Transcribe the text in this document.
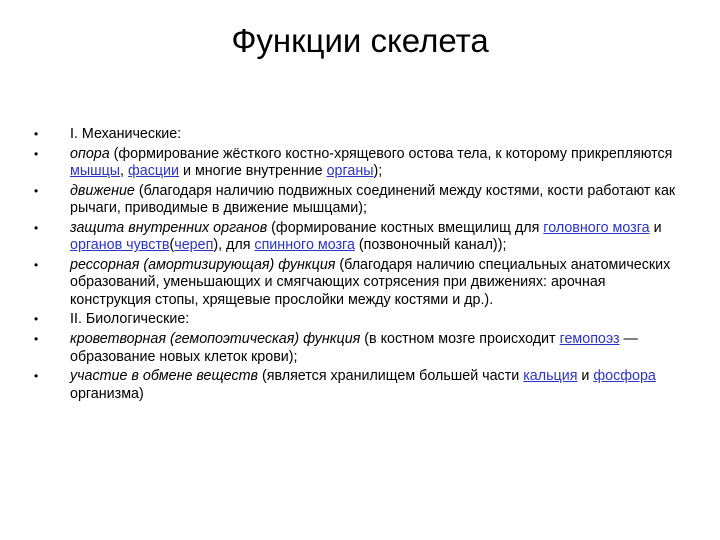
Функции скелета
• I. Механические:
• опора (формирование жёсткого костно-хрящевого остова тела, к которому прикрепляются мышцы, фасции и многие внутренние органы);
• движение (благодаря наличию подвижных соединений между костями, кости работают как рычаги, приводимые в движение мышцами);
• защита внутренних органов (формирование костных вмещилищ для головного мозга и органов чувств(череп), для спинного мозга (позвоночный канал));
• рессорная (амортизирующая) функция (благодаря наличию специальных анатомических образований, уменьшающих и смягчающих сотрясения при движениях: арочная конструкция стопы, хрящевые прослойки между костями и др.).
• II. Биологические:
• кроветворная (гемопоэтическая) функция (в костном мозге происходит гемопоэз — образование новых клеток крови);
• участие в обмене веществ (является хранилищем большей части кальция и фосфора организма)
